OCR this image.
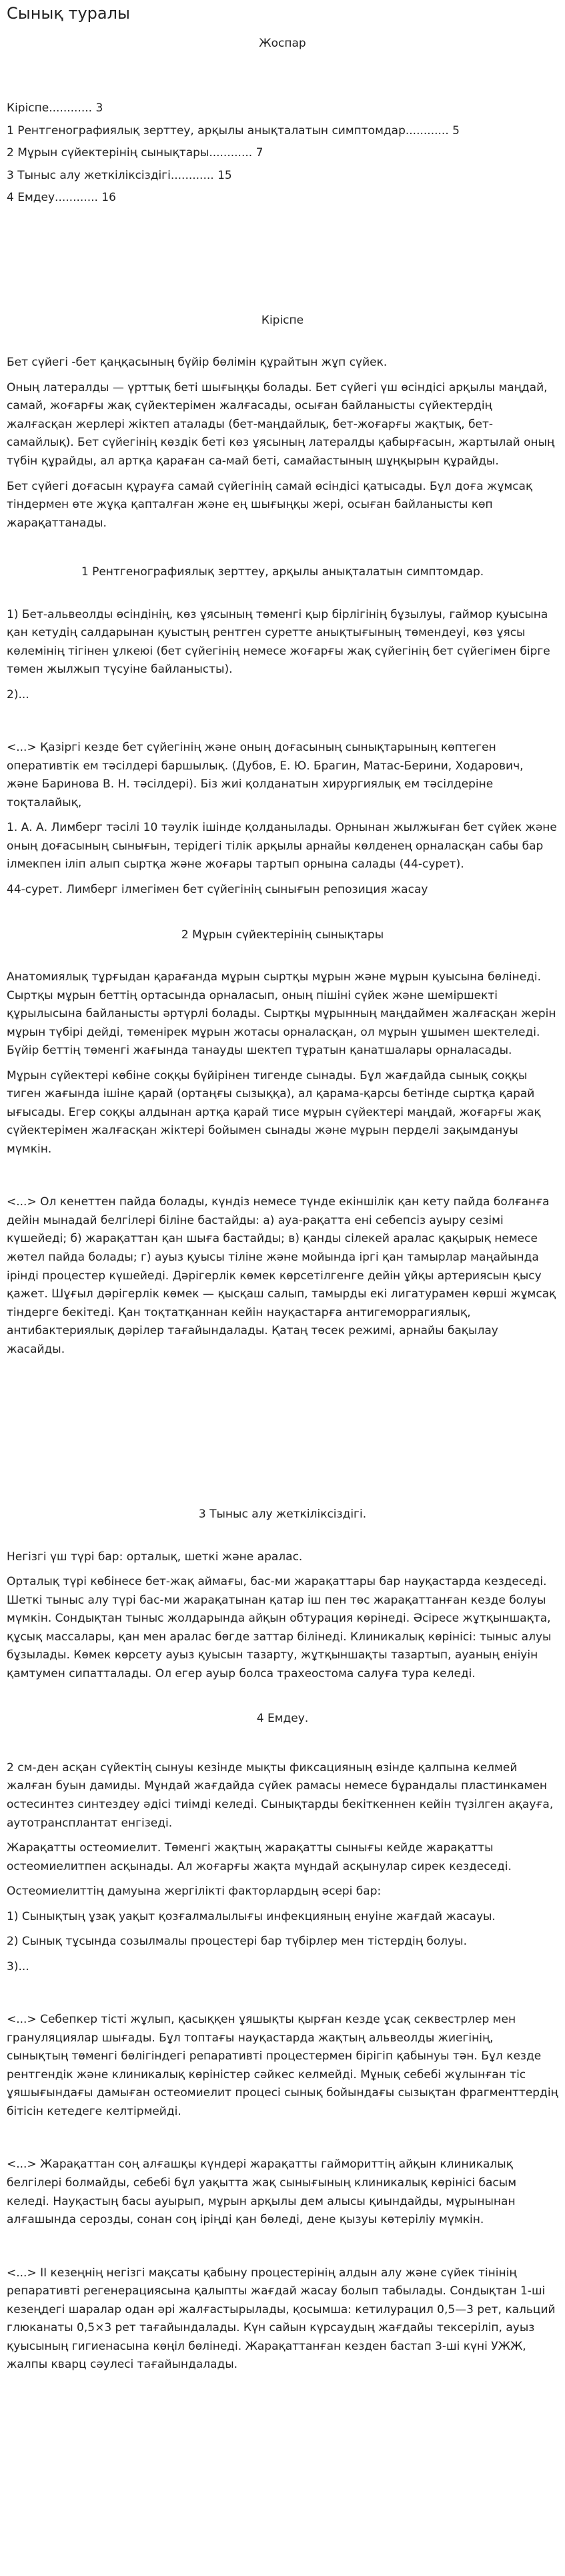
Сынық туралы

Жоспар

Кіріспе............ 3

1 Рентгенографиялық зерттеу, арқылы анықталатын симптомдар............ 5

2 Мұрын сүйектерінің сынықтары............ 7

3 Тыныс алу жеткіліксіздігі............ 15

4 Емдеу............ 16

Кіріспе

Бет сүйегі -бет қаңқасының бүйір бөлімін құрайтын жұп сүйек.

Оның латералды — үрттық беті шығыңқы болады. Бет сүйегі үш өсіндісі арқылы маңдай, самай, жоғарғы жақ сүйектерімен жалғасады, осыған байланысты сүйектердің жалғасқан жерлері жіктеп аталады (бет-маңдайлық, бет-жоғарғы жақтық, бет-самайлық). Бет сүйегінің көздік беті көз ұясының латералды қабырғасын, жартылай оның түбін құрайды, ал артқа қараған са-май беті, самайастының шұңқырын құрайды.

Бет сүйегі доғасын құрауға самай сүйегінің самай өсіндісі қатысады. Бұл доға жұмсақ тіндермен өте жұқа қапталған және ең шығыңқы жері, осыған байланысты көп жарақаттанады.

1 Рентгенографиялық зерттеу, арқылы анықталатын симптомдар.

1) Бет-альвеолды өсіндінің, көз ұясының төменгі қыр бірлігінің бұзылуы, гаймор қуысына қан кетудің салдарынан қуыстың рентген суреттe анықтығының төмендеуі, көз ұясы көлемінің тігінен ұлкеюі (бет сүйегінің немесе жоғарғы жақ сүйегінің бет сүйегімен бірге төмен жылжып түсуіне байланысты).

2)...

<...> Қазіргі кезде бет сүйегінің және оның доғасының сынықтарының көптеген оперативтік ем тәсілдері баршылық. (Дубов, Е. Ю. Брагин, Матас-Берини, Ходарович, және Баринова В. Н. тәсілдері). Біз жиі қолданатын хирургиялық ем тәсілдеріне тоқталайық,

1. А. А. Лимберг тәсілі 10 тәулік ішінде қолданылады. Орнынан жылжыған бет сүйек және оның доғасының сынығын, терідегі тілік арқылы арнайы көлденең орналасқан сабы бар ілмекпен іліп алып сыртқа және жоғары тартып орнына салады (44-сурет).

44-сурет. Лимберг ілмегімен бет сүйегінің сынығын репозиция жасау

2 Мұрын сүйектерінің сынықтары

Анатомиялық тұрғыдан қарағанда мұрын сыртқы мұрын және мұрын қуысына бөлінеді. Сыртқы мұрын беттің ортасында орналасып, оның пішіні сүйек және шеміршекті құрылысына байланысты әртүрлі болады. Сыртқы мұрынның маңдаймен жалғасқан жерін мұрын түбірі дейді, төменірек мұрын жотасы орналасқан, ол мұрын ұшымен шектеледі. Бүйір беттің төменгі жағында танауды шектеп тұратын қанатшалары орналасады.

Мұрын сүйектері көбіне соққы бүйірінен тигенде сынады. Бұл жағдайда сынық соққы тиген жағында ішіне қарай (ортаңғы сызыққа), ал қарама-қарсы бетінде сыртқа қарай ығысады. Егер соққы алдынан артқа қарай тисе мұрын сүйектері маңдай, жоғарғы жақ сүйектерімен жалғасқан жіктері бойымен сынады және мұрын перделі зақымдануы мүмкін.

<...> Ол кенеттен пайда болады, күндіз немесе түнде екіншілік қан кету пайда болғанға дейін мынадай белгілері біліне бастайды: а) ауа-рақатта ені себепсіз ауыру сезімі күшейеді; б) жарақаттан қан шыға бастайды; в) қанды сілекей аралас қақырық немесе жөтел пайда болады; г) ауыз қуысы тіліне және мойында іргі қан тамырлар маңайында ірінді процестер күшейеді. Дәрігерлік көмек көрсетілгенге дейін ұйқы артериясын қысу қажет. Шұғыл дәрігерлік көмек — қысқаш салып, тамырды екі лигатурамен көрші жұмсақ тіндерге бекітеді. Қан тоқтатқаннан кейін науқастарға антигеморрагиялық, антибактериялық дәрілер тағайындалады. Қатаң төсек режимі, арнайы бақылау жасайды.

3 Тыныс алу жеткіліксіздігі.

Негізгі үш түрі бар: орталық, шеткі және аралас.

Орталық түрі көбінесе бет-жақ аймағы, бас-ми жарақаттары бар науқастарда кездеседі. Шеткі тыныс алу түрі бас-ми жарақатынан қатар іш пен төс жарақаттанған кезде болуы мүмкін. Сондықтан тыныс жолдарында айқын обтурация көрінеді. Әсіресе жұтқыншақта, құсық массалары, қан мен аралас бөгде заттар білінеді. Клиникалық көрінісі: тыныс алуы бұзылады. Көмек көрсету ауыз қуысын тазарту, жұтқыншақты тазартып, ауаның еніуін қамтумен сипатталады. Ол егер ауыр болса трахеостома салуға тура келеді.

4 Емдеу.

2 см-ден асқан сүйектің сынуы кезінде мықты фиксацияның өзінде қалпына келмей жалған буын дамиды. Мұндай жағдайда сүйек рамасы немесе бұрандалы пластинкамен остесинтез синтездеу әдісі тиімді келеді. Сынықтарды бекіткеннен кейін түзілген ақауға, аутотрансплантат енгізеді.

Жарақатты остеомиелит. Төменгі жақтың жарақатты сынығы кейде жарақатты остеомиелитпен асқынады. Ал жоғарғы жақта мұндай асқынулар сирек кездеседі.

Остеомиелиттің дамуына жергілікті факторлардың әсері бар:

1) Сынықтың ұзақ уақыт қозғалмалылығы инфекцияның енуіне жағдай жасауы.

2) Сынық тұсында созылмалы процестері бар түбірлер мен тістердің болуы.

3)...

<...> Себепкер тісті жұлып, қасыққен ұяшықты қырған кезде ұсақ секвестрлер мен грануляциялар шығады. Бұл топтағы науқастарда жақтың альвеолды жиегінің, сынықтың төменгі бөлігіндегі репаративті процестермен бірігіп қабынуы тән. Бұл кезде рентгендік және клиникалық көріністер сәйкес келмейді. Мұнық себебі жұлынған тіс ұяшығындағы дамыған остеомиелит процесі сынық бойындағы сызықтан фрагменттердің бітісін кетедеге келтірмейді.

<...> Жарақаттан соң алғашқы күндері жарақатты гаймориттің айқын клиникалық белгілері болмайды, себебі бұл уақытта жақ сынығының клиникалық көрінісі басым келеді. Науқастың басы ауырып, мұрын арқылы дем алысы қиындайды, мұрынынан алғашында серозды, сонан соң іріңді қан бөледі, дене қызуы көтеріліу мүмкін.

<...> ІІ кезеңнің негізгі мақсаты қабыну процестерінің алдын алу және сүйек тінінің репаративті регенерациясына қалыпты жағдай жасау болып табылады. Сондықтан 1-ші кезеңдегі шаралар одан әрі жалғастырылады, қосымша: кетилурацил 0,5—3 рет, кальций глюканаты 0,5×3 рет тағайындалады. Күн сайын күрсаудың жағдайы тексеріліп, ауыз қуысының гигиенасына көңіл бөлінеді. Жарақаттанған кезден бастап 3-ші күні УЖЖ, жалпы кварц сәулесі тағайындалады.
